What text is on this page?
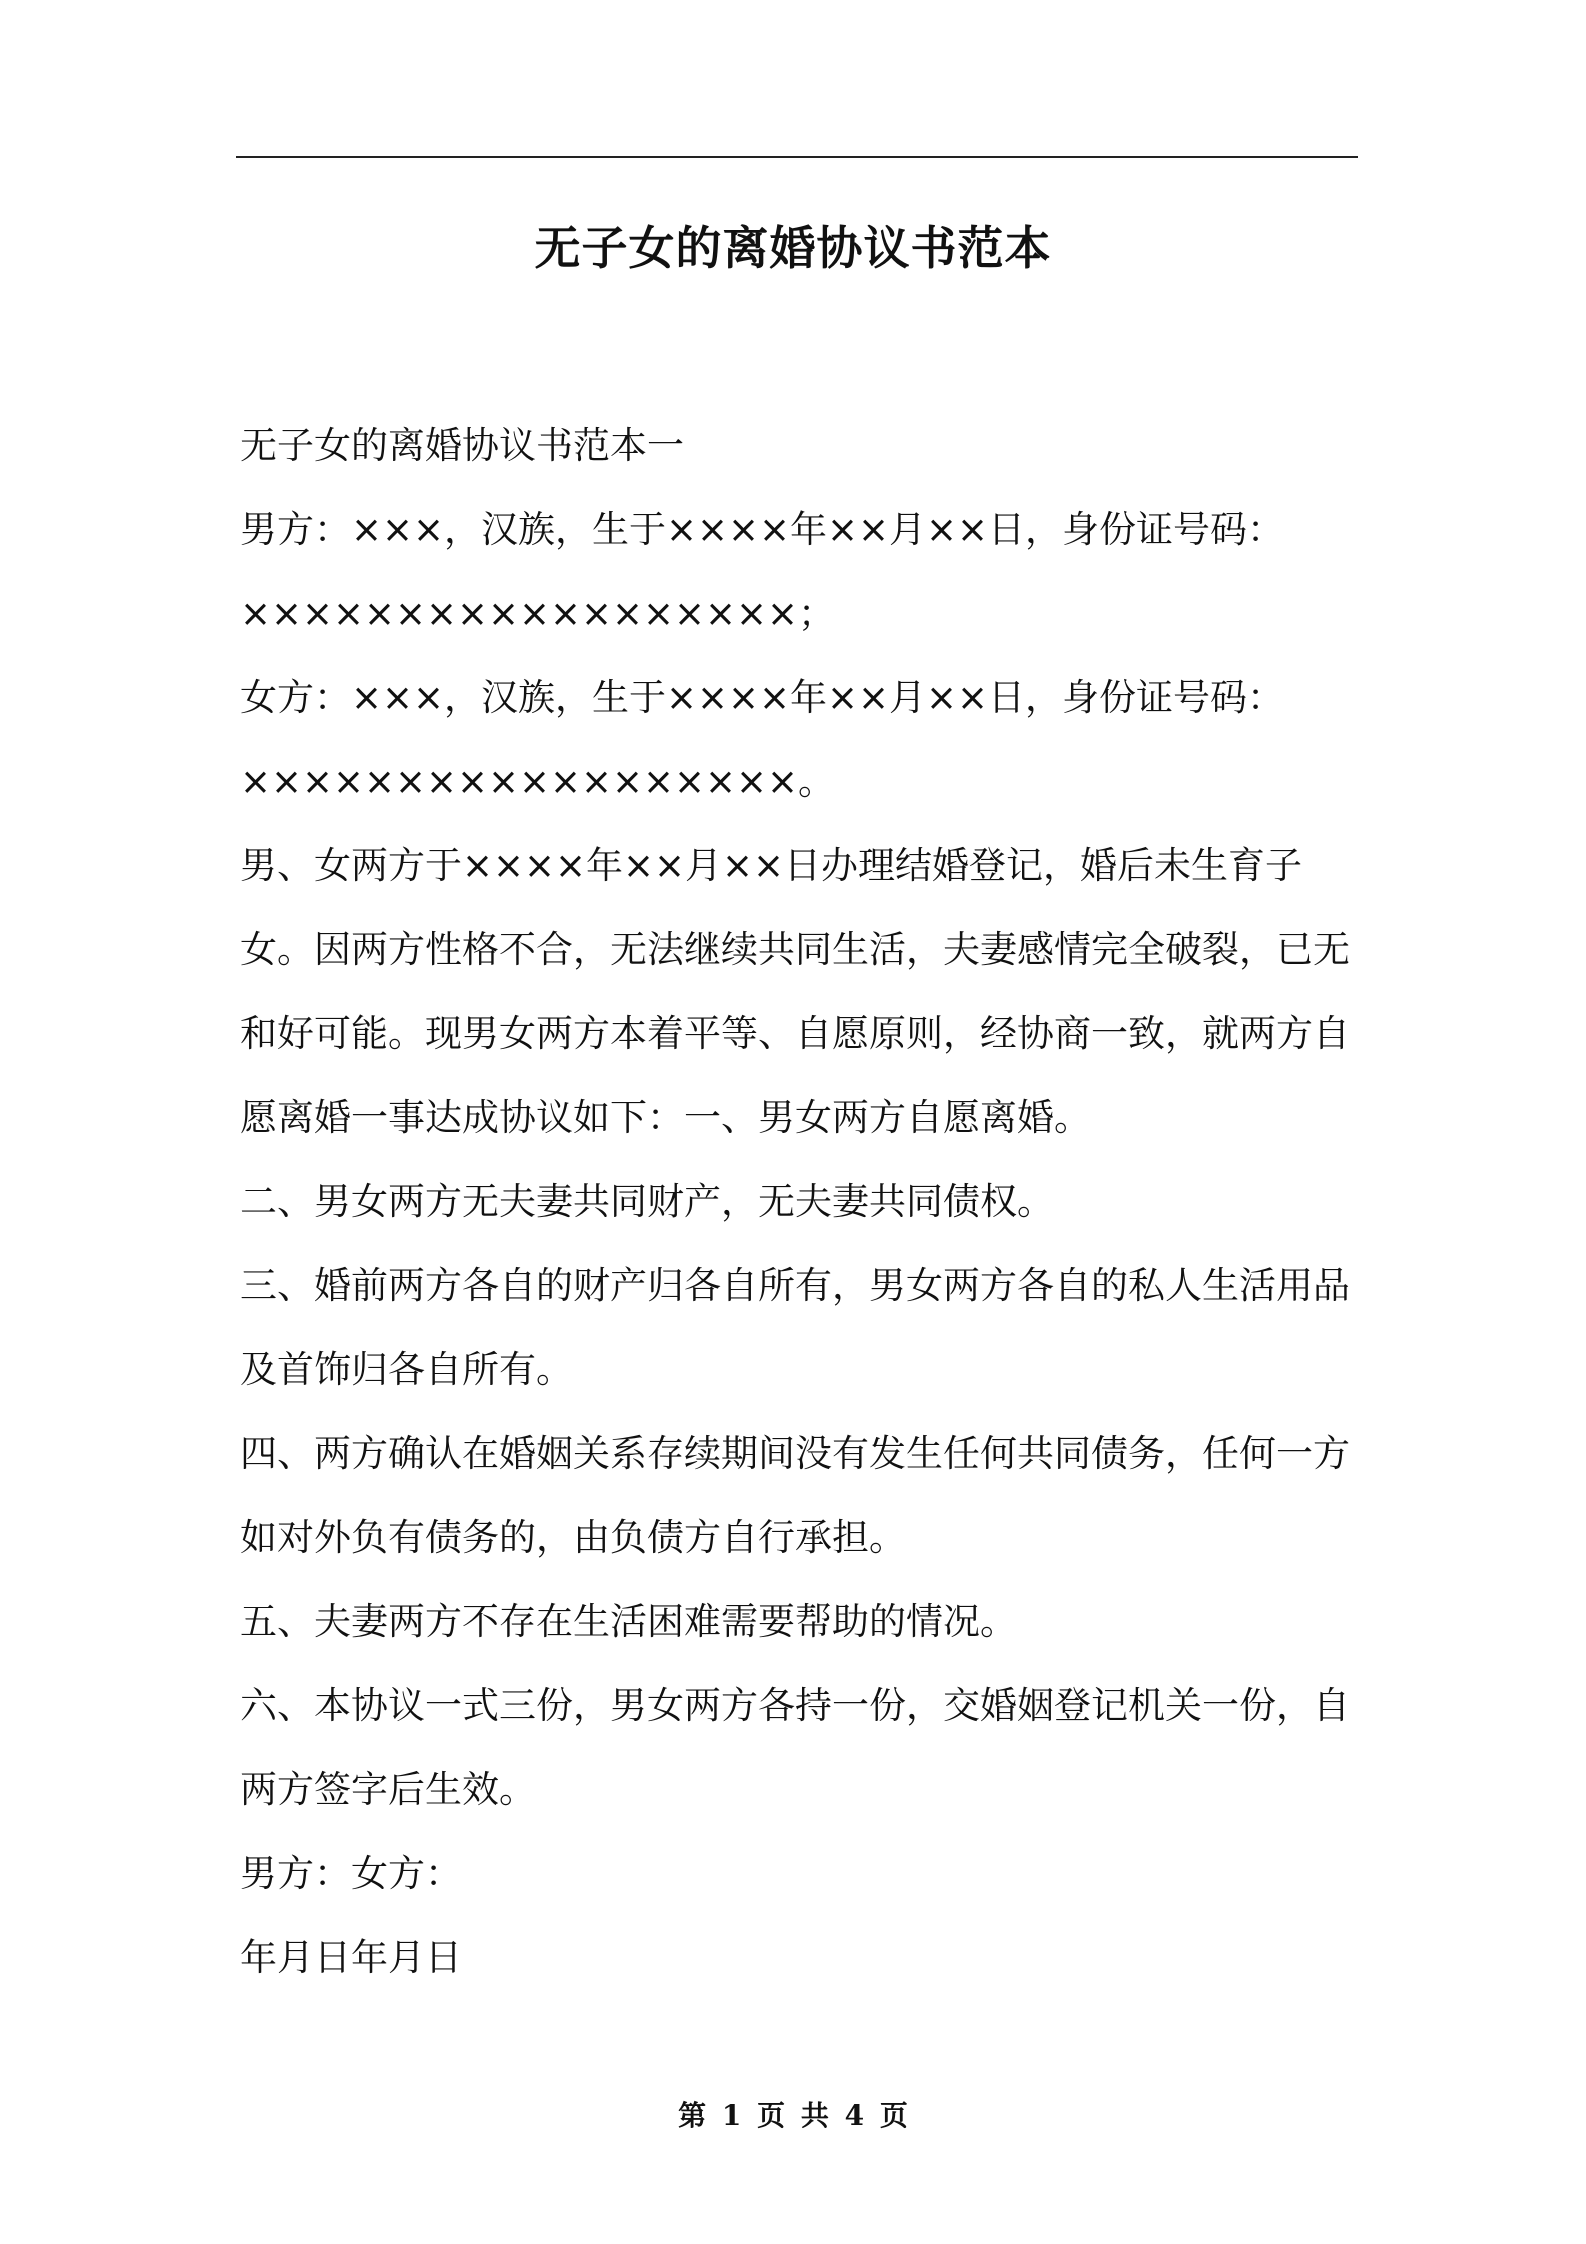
无子女的离婚协议书范本
无子女的离婚协议书范本一
男方：×××，汉族，生于××××年××月××日，身份证号码：
××××××××××××××××××；
女方：×××，汉族，生于××××年××月××日，身份证号码：
××××××××××××××××××。
男、女两方于××××年××月××日办理结婚登记，婚后未生育子
女。因两方性格不合，无法继续共同生活，夫妻感情完全破裂，已无
和好可能。现男女两方本着平等、自愿原则，经协商一致，就两方自
愿离婚一事达成协议如下：一、男女两方自愿离婚。
二、男女两方无夫妻共同财产，无夫妻共同债权。
三、婚前两方各自的财产归各自所有，男女两方各自的私人生活用品
及首饰归各自所有。
四、两方确认在婚姻关系存续期间没有发生任何共同债务，任何一方
如对外负有债务的，由负债方自行承担。
五、夫妻两方不存在生活困难需要帮助的情况。
六、本协议一式三份，男女两方各持一份，交婚姻登记机关一份，自
两方签字后生效。
男方：女方：
年月日年月日
第 1 页 共 4 页
